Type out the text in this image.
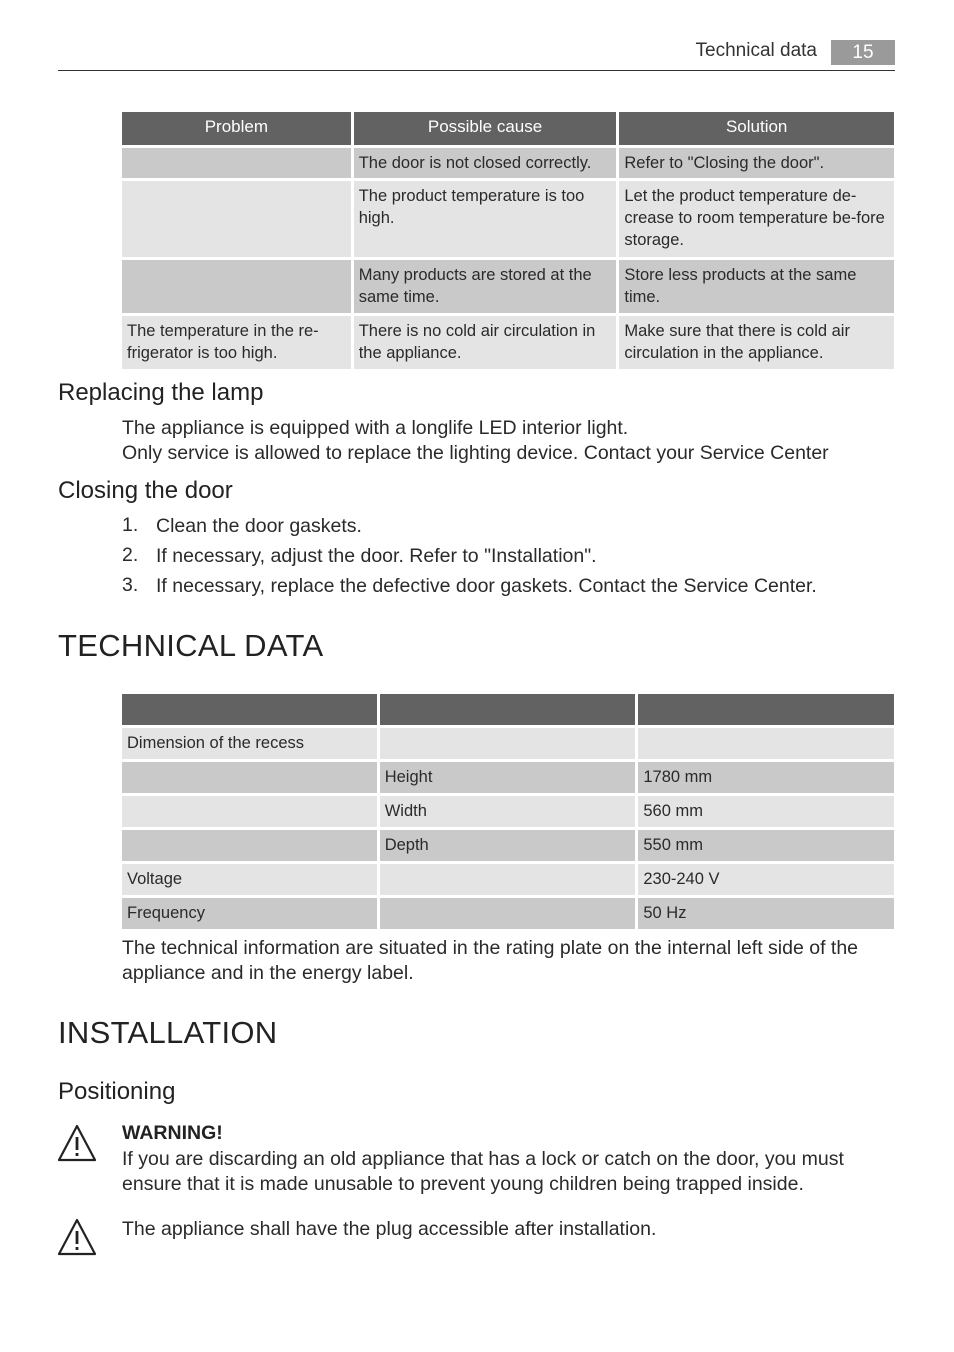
Technical data	15
Problem	Possible cause	Solution
	The door is not closed correctly.	Refer to "Closing the door".
	The product temperature is too high.	Let the product temperature de-crease to room temperature be-fore storage.
	Many products are stored at the same time.	Store less products at the same time.
The temperature in the re-frigerator is too high.	There is no cold air circulation in the appliance.	Make sure that there is cold air circulation in the appliance.
Replacing the lamp
The appliance is equipped with a longlife LED interior light.
Only service is allowed to replace the lighting device. Contact your Service Center
Closing the door
1. Clean the door gaskets.
2. If necessary, adjust the door. Refer to "Installation".
3. If necessary, replace the defective door gaskets. Contact the Service Center.
TECHNICAL DATA

Dimension of the recess		
	Height	1780 mm
	Width	560 mm
	Depth	550 mm
Voltage		230-240 V
Frequency		50 Hz
The technical information are situated in the rating plate on the internal left side of the appliance and in the energy label.
INSTALLATION
Positioning
WARNING!
If you are discarding an old appliance that has a lock or catch on the door, you must ensure that it is made unusable to prevent young children being trapped inside.
The appliance shall have the plug accessible after installation.
